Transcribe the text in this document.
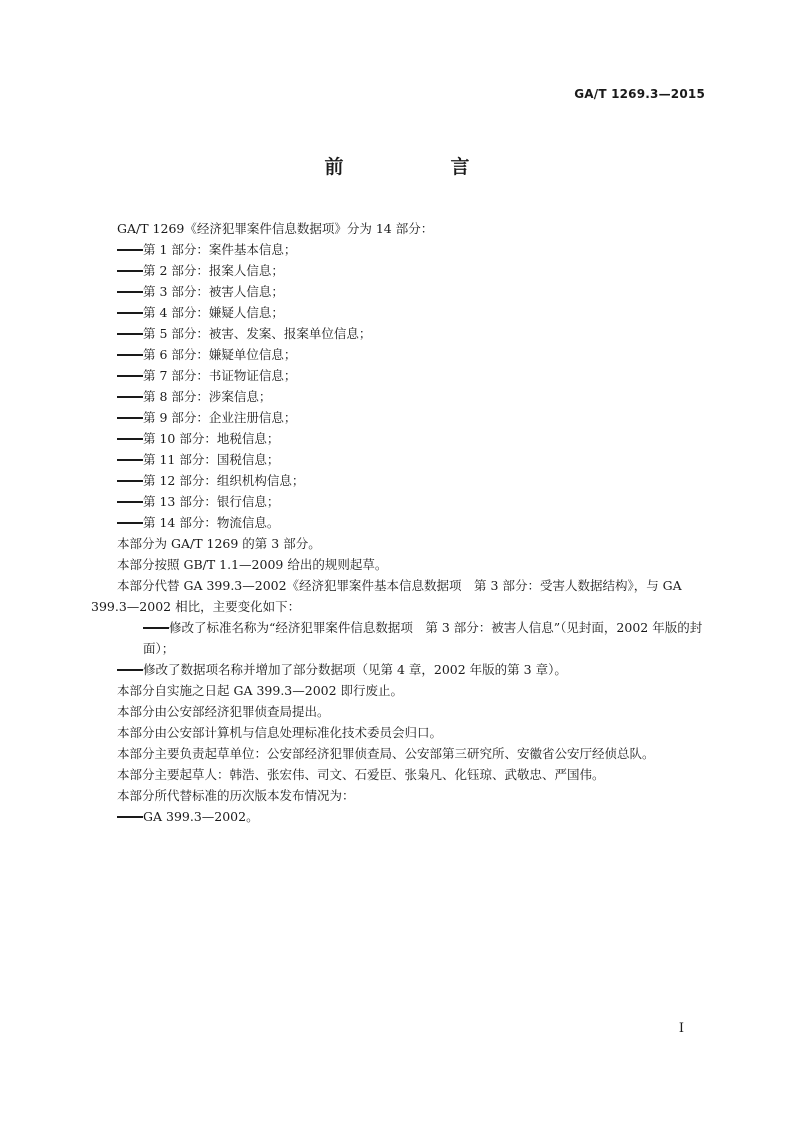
GA/T 1269.3—2015
前　言

GA/T 1269《经济犯罪案件信息数据项》分为 14 部分：

第 1 部分：案件基本信息；

第 2 部分：报案人信息；

第 3 部分：被害人信息；

第 4 部分：嫌疑人信息；

第 5 部分：被害、发案、报案单位信息；

第 6 部分：嫌疑单位信息；

第 7 部分：书证物证信息；

第 8 部分：涉案信息；

第 9 部分：企业注册信息；

第 10 部分：地税信息；

第 11 部分：国税信息；

第 12 部分：组织机构信息；

第 13 部分：银行信息；

第 14 部分：物流信息。

本部分为 GA/T 1269 的第 3 部分。

本部分按照 GB/T 1.1—2009 给出的规则起草。

本部分代替 GA 399.3—2002《经济犯罪案件基本信息数据项　第 3 部分：受害人数据结构》，与 GA 399.3—2002 相比，主要变化如下：

修改了标准名称为“经济犯罪案件信息数据项　第 3 部分：被害人信息”（见封面，2002 年版的封面）；

修改了数据项名称并增加了部分数据项（见第 4 章，2002 年版的第 3 章）。

本部分自实施之日起 GA 399.3—2002 即行废止。

本部分由公安部经济犯罪侦查局提出。

本部分由公安部计算机与信息处理标准化技术委员会归口。

本部分主要负责起草单位：公安部经济犯罪侦查局、公安部第三研究所、安徽省公安厅经侦总队。

本部分主要起草人：韩浩、张宏伟、司文、石爱臣、张枭凡、化钰琼、武敬忠、严国伟。

本部分所代替标准的历次版本发布情况为：

GA 399.3—2002。

I
